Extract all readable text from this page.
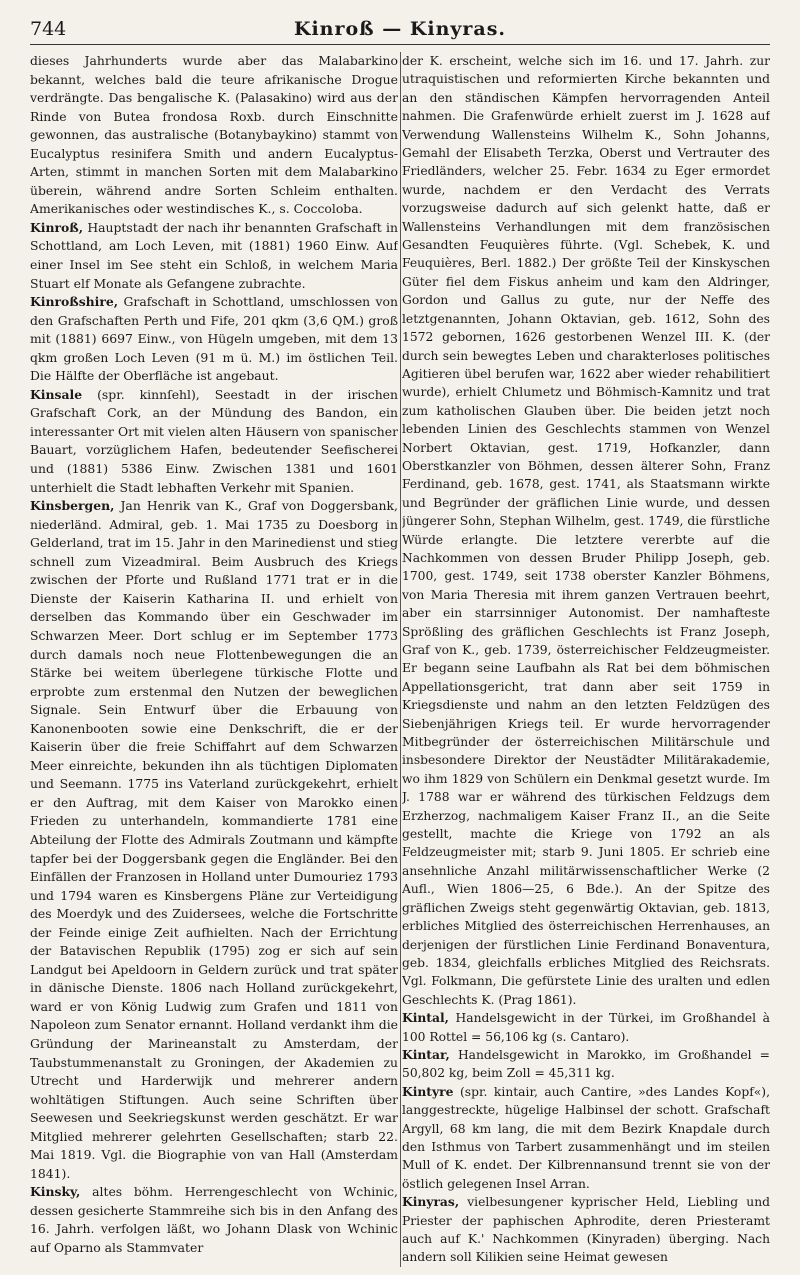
744	Kinroß — Kinyras.

dieses Jahrhunderts wurde aber das Malabarkino bekannt, welches bald die teure afrikanische Drogue verdrängte. Das bengalische K. (Palasakino) wird aus der Rinde von Butea frondosa Roxb. durch Einschnitte gewonnen, das australische (Botanybaykino) stammt von Eucalyptus resinifera Smith und andern Eucalyptus-Arten, stimmt in manchen Sorten mit dem Malabarkino überein, während andre Sorten Schleim enthalten. Amerikanisches oder westindisches K., s. Coccoloba.

Kinroß, Hauptstadt der nach ihr benannten Grafschaft in Schottland, am Loch Leven, mit (1881) 1960 Einw. Auf einer Insel im See steht ein Schloß, in welchem Maria Stuart elf Monate als Gefangene zubrachte.

Kinroßshire, Grafschaft in Schottland, umschlossen von den Grafschaften Perth und Fife, 201 qkm (3,6 QM.) groß mit (1881) 6697 Einw., von Hügeln umgeben, mit dem 13 qkm großen Loch Leven (91 m ü. M.) im östlichen Teil. Die Hälfte der Oberfläche ist angebaut.

Kinsale (spr. kinnſehl), Seestadt in der irischen Grafschaft Cork, an der Mündung des Bandon, ein interessanter Ort mit vielen alten Häusern von spanischer Bauart, vorzüglichem Hafen, bedeutender Seefischerei und (1881) 5386 Einw. Zwischen 1381 und 1601 unterhielt die Stadt lebhaften Verkehr mit Spanien.

Kinsbergen, Jan Henrik van K., Graf von Doggersbank, niederländ. Admiral, geb. 1. Mai 1735 zu Doesborg in Gelderland, trat im 15. Jahr in den Marinedienst und stieg schnell zum Vizeadmiral. Beim Ausbruch des Kriegs zwischen der Pforte und Rußland 1771 trat er in die Dienste der Kaiserin Katharina II. und erhielt von derselben das Kommando über ein Geschwader im Schwarzen Meer. Dort schlug er im September 1773 durch damals noch neue Flottenbewegungen die an Stärke bei weitem überlegene türkische Flotte und erprobte zum erstenmal den Nutzen der beweglichen Signale. Sein Entwurf über die Erbauung von Kanonenbooten sowie eine Denkschrift, die er der Kaiserin über die freie Schiffahrt auf dem Schwarzen Meer einreichte, bekunden ihn als tüchtigen Diplomaten und Seemann. 1775 ins Vaterland zurückgekehrt, erhielt er den Auftrag, mit dem Kaiser von Marokko einen Frieden zu unterhandeln, kommandierte 1781 eine Abteilung der Flotte des Admirals Zoutmann und kämpfte tapfer bei der Doggersbank gegen die Engländer. Bei den Einfällen der Franzosen in Holland unter Dumouriez 1793 und 1794 waren es Kinsbergens Pläne zur Verteidigung des Moerdyk und des Zuidersees, welche die Fortschritte der Feinde einige Zeit aufhielten. Nach der Errichtung der Batavischen Republik (1795) zog er sich auf sein Landgut bei Apeldoorn in Geldern zurück und trat später in dänische Dienste. 1806 nach Holland zurückgekehrt, ward er von König Ludwig zum Grafen und 1811 von Napoleon zum Senator ernannt. Holland verdankt ihm die Gründung der Marineanstalt zu Amsterdam, der Taubstummenanstalt zu Groningen, der Akademien zu Utrecht und Harderwijk und mehrerer andern wohltätigen Stiftungen. Auch seine Schriften über Seewesen und Seekriegskunst werden geschätzt. Er war Mitglied mehrerer gelehrten Gesellschaften; starb 22. Mai 1819. Vgl. die Biographie von van Hall (Amsterdam 1841).

Kinsky, altes böhm. Herrengeschlecht von Wchinic, dessen gesicherte Stammreihe sich bis in den Anfang des 16. Jahrh. verfolgen läßt, wo Johann Dlask von Wchinic auf Oparno als Stammvater

der K. erscheint, welche sich im 16. und 17. Jahrh. zur utraquistischen und reformierten Kirche bekannten und an den ständischen Kämpfen hervorragenden Anteil nahmen. Die Grafenwürde erhielt zuerst im J. 1628 auf Verwendung Wallensteins Wilhelm K., Sohn Johanns, Gemahl der Elisabeth Terzka, Oberst und Vertrauter des Friedländers, welcher 25. Febr. 1634 zu Eger ermordet wurde, nachdem er den Verdacht des Verrats vorzugsweise dadurch auf sich gelenkt hatte, daß er Wallensteins Verhandlungen mit dem französischen Gesandten Feuquières führte. (Vgl. Schebek, K. und Feuquières, Berl. 1882.) Der größte Teil der Kinskyschen Güter fiel dem Fiskus anheim und kam den Aldringer, Gordon und Gallus zu gute, nur der Neffe des letztgenannten, Johann Oktavian, geb. 1612, Sohn des 1572 gebornen, 1626 gestorbenen Wenzel III. K. (der durch sein bewegtes Leben und charakterloses politisches Agitieren übel berufen war, 1622 aber wieder rehabilitiert wurde), erhielt Chlumetz und Böhmisch-Kamnitz und trat zum katholischen Glauben über. Die beiden jetzt noch lebenden Linien des Geschlechts stammen von Wenzel Norbert Oktavian, gest. 1719, Hofkanzler, dann Oberstkanzler von Böhmen, dessen älterer Sohn, Franz Ferdinand, geb. 1678, gest. 1741, als Staatsmann wirkte und Begründer der gräflichen Linie wurde, und dessen jüngerer Sohn, Stephan Wilhelm, gest. 1749, die fürstliche Würde erlangte. Die letztere vererbte auf die Nachkommen von dessen Bruder Philipp Joseph, geb. 1700, gest. 1749, seit 1738 oberster Kanzler Böhmens, von Maria Theresia mit ihrem ganzen Vertrauen beehrt, aber ein starrsinniger Autonomist. Der namhafteste Sprößling des gräflichen Geschlechts ist Franz Joseph, Graf von K., geb. 1739, österreichischer Feldzeugmeister. Er begann seine Laufbahn als Rat bei dem böhmischen Appellationsgericht, trat dann aber seit 1759 in Kriegsdienste und nahm an den letzten Feldzügen des Siebenjährigen Kriegs teil. Er wurde hervorragender Mitbegründer der österreichischen Militärschule und insbesondere Direktor der Neustädter Militärakademie, wo ihm 1829 von Schülern ein Denkmal gesetzt wurde. Im J. 1788 war er während des türkischen Feldzugs dem Erzherzog, nachmaligem Kaiser Franz II., an die Seite gestellt, machte die Kriege von 1792 an als Feldzeugmeister mit; starb 9. Juni 1805. Er schrieb eine ansehnliche Anzahl militärwissenschaftlicher Werke (2 Aufl., Wien 1806—25, 6 Bde.). An der Spitze des gräflichen Zweigs steht gegenwärtig Oktavian, geb. 1813, erbliches Mitglied des österreichischen Herrenhauses, an derjenigen der fürstlichen Linie Ferdinand Bonaventura, geb. 1834, gleichfalls erbliches Mitglied des Reichsrats. Vgl. Folkmann, Die gefürstete Linie des uralten und edlen Geschlechts K. (Prag 1861).

Kintal, Handelsgewicht in der Türkei, im Großhandel à 100 Rottel = 56,106 kg (s. Cantaro).

Kintar, Handelsgewicht in Marokko, im Großhandel = 50,802 kg, beim Zoll = 45,311 kg.

Kintyre (spr. kintair, auch Cantire, »des Landes Kopf«), langgestreckte, hügelige Halbinsel der schott. Grafschaft Argyll, 68 km lang, die mit dem Bezirk Knapdale durch den Isthmus von Tarbert zusammenhängt und im steilen Mull of K. endet. Der Kilbrennansund trennt sie von der östlich gelegenen Insel Arran.

Kinyras, vielbesungener kyprischer Held, Liebling und Priester der paphischen Aphrodite, deren Priesteramt auch auf K.' Nachkommen (Kinyraden) überging. Nach andern soll Kilikien seine Heimat gewesen
